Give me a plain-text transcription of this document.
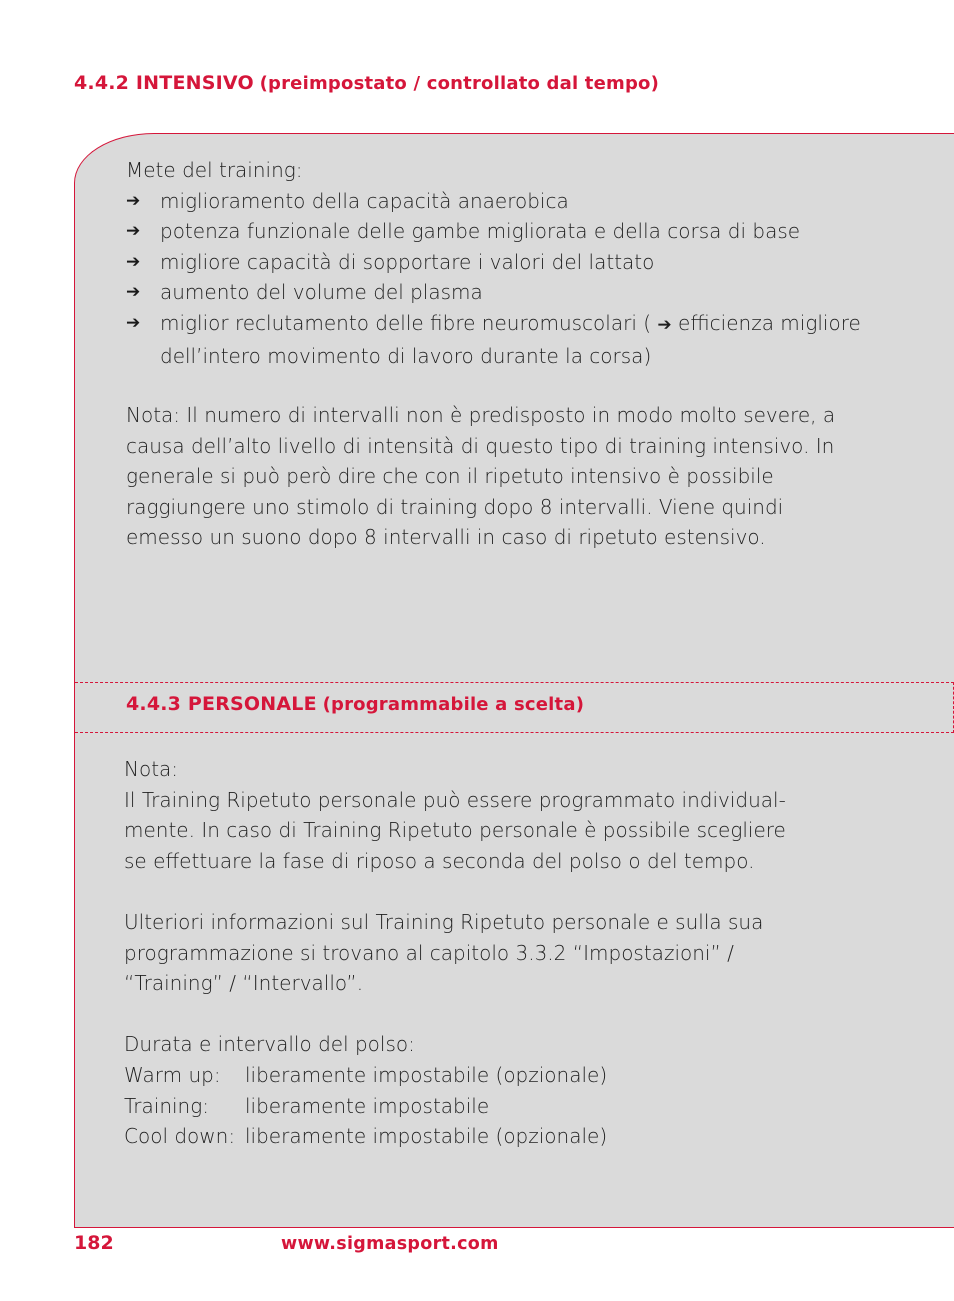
4.4.2 INTENSIVO (preimpostato / controllato dal tempo)
Mete del training:
➔ miglioramento della capacità anaerobica
➔ potenza funzionale delle gambe migliorata e della corsa di base
➔ migliore capacità di sopportare i valori del lattato
➔ aumento del volume del plasma
➔ miglior reclutamento delle fibre neuromuscolari ( ➔ efficienza migliore dell’intero movimento di lavoro durante la corsa)
Nota: Il numero di intervalli non è predisposto in modo molto severe, a causa dell’alto livello di intensità di questo tipo di training intensivo. In generale si può però dire che con il ripetuto intensivo è possibile raggiungere uno stimolo di training dopo 8 intervalli. Viene quindi emesso un suono dopo 8 intervalli in caso di ripetuto estensivo.
4.4.3 PERSONALE (programmabile a scelta)
Nota:
Il Training Ripetuto personale può essere programmato individual-
mente. In caso di Training Ripetuto personale è possibile scegliere
se effettuare la fase di riposo a seconda del polso o del tempo.
Ulteriori informazioni sul Training Ripetuto personale e sulla sua
programmazione si trovano al capitolo 3.3.2 “Impostazioni” /
“Training” / “Intervallo”.
Durata e intervallo del polso:
Warm up:	liberamente impostabile (opzionale)
Training:	liberamente impostabile
Cool down: liberamente impostabile (opzionale)
182	www.sigmasport.com
